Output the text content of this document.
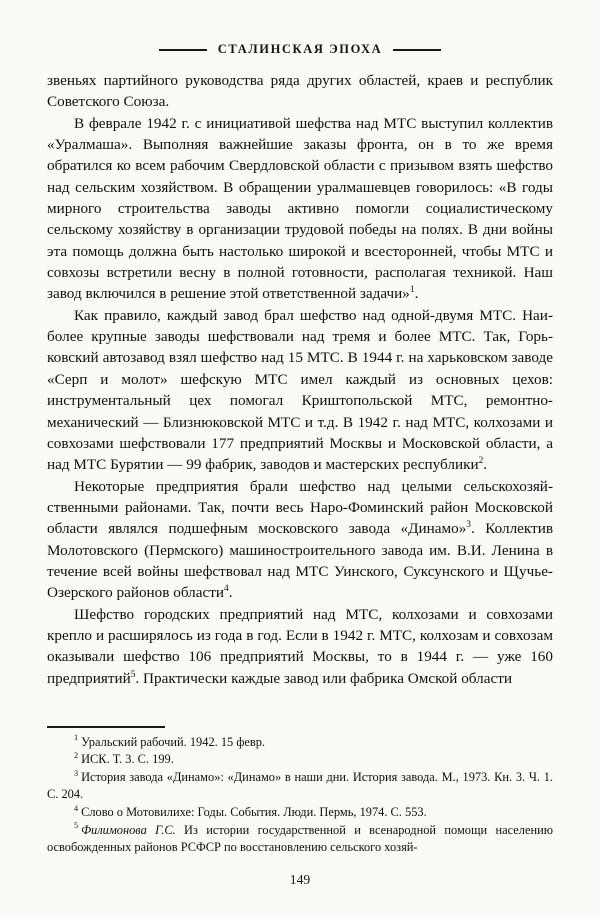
СТАЛИНСКАЯ ЭПОХА

звеньях партийного руководства ряда других областей, краев и республик Советского Союза.

В феврале 1942 г. с инициативой шефства над МТС выступил коллектив «Уралмаша». Выполняя важнейшие заказы фронта, он в то же время обратился ко всем рабочим Свердловской области с призывом взять шефство над сельским хозяйством. В обращении уралмашевцев говорилось: «В годы мирного строительства заводы активно помогли социалистическому сельскому хозяйству в организации трудовой победы на полях. В дни войны эта помощь должна быть настолько широкой и всесторонней, чтобы МТС и совхозы встретили весну в полной готовности, располагая техникой. Наш завод включился в решение этой ответственной задачи»$^1$.

Как правило, каждый завод брал шефство над одной-двумя МТС. Наиболее крупные заводы шефствовали над тремя и более МТС. Так, Горьковский автозавод взял шефство над 15 МТС. В 1944 г. на харьковском заводе «Серп и молот» шефскую МТС имел каждый из основных цехов: инструментальный цех помогал Криштопольской МТС, ремонтно-механический — Близнюковской МТС и т.д. В 1942 г. над МТС, колхозами и совхозами шефствовали 177 предприятий Москвы и Московской области, а над МТС Бурятии — 99 фабрик, заводов и мастерских республики$^2$.

Некоторые предприятия брали шефство над целыми сельскохозяйственными районами. Так, почти весь Наро-Фоминский район Московской области являлся подшефным московского завода «Динамо»$^3$. Коллектив Молотовского (Пермского) машиностроительного завода им. В.И. Ленина в течение всей войны шефствовал над МТС Уинского, Суксунского и Щучье-Озерского районов области$^4$.

Шефство городских предприятий над МТС, колхозами и совхозами крепло и расширялось из года в год. Если в 1942 г. МТС, колхозам и совхозам оказывали шефство 106 предприятий Москвы, то в 1944 г. — уже 160 предприятий$^5$. Практически каждые завод или фабрика Омской области

$^1$ Уральский рабочий. 1942. 15 февр.

$^2$ ИСК. Т. 3. С. 199.

$^3$ История завода «Динамо»: «Динамо» в наши дни. История завода. М., 1973. Кн. 3. Ч. 1. С. 204.

$^4$ Слово о Мотовилихе: Годы. События. Люди. Пермь, 1974. С. 553.

$^5$ Филимонова Г.С. Из истории государственной и всенародной помощи населению освобожденных районов РСФСР по восстановлению сельского хозяй-

149
